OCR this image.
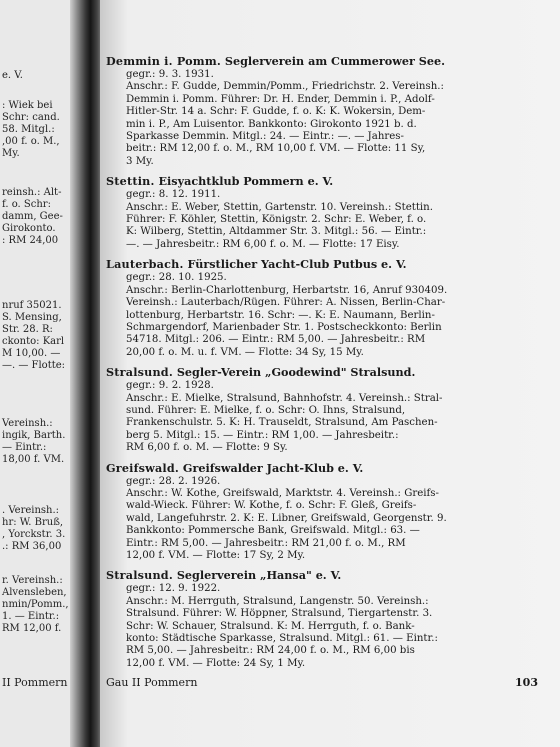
e. V.
: Wiek bei
Schr: cand.
58. Mitgl.:
,00 f. o. M.,
My.
reinsh.: Alt-
f. o. Schr:
damm, Gee-
Girokonto.
: RM 24,00
nruf 35021.
S. Mensing,
Str. 28. R:
ckonto: Karl
M 10,00. —
—. — Flotte:
Vereinsh.:
ingik, Barth.
— Eintr.:
18,00 f. VM.
. Vereinsh.:
hr: W. Bruß,
, Yorckstr. 3.
.: RM 36,00
r. Vereinsh.:
Alvensleben,
nmin/Pomm.,
1. — Eintr.:
RM 12,00 f.
II Pommern
Demmin i. Pomm. Seglerverein am Cummerower See.
gegr.: 9. 3. 1931.
Anschr.: F. Gudde, Demmin/Pomm., Friedrichstr. 2. Vereinsh.:
Demmin i. Pomm. Führer: Dr. H. Ender, Demmin i. P., Adolf-
Hitler-Str. 14 a. Schr: F. Gudde, f. o. K: K. Wokersin, Dem-
min i. P., Am Luisentor. Bankkonto: Girokonto 1921 b. d.
Sparkasse Demmin. Mitgl.: 24. — Eintr.: —. — Jahres-
beitr.: RM 12,00 f. o. M., RM 10,00 f. VM. — Flotte: 11 Sy,
3 My.
Stettin. Eisyachtklub Pommern e. V.
gegr.: 8. 12. 1911.
Anschr.: E. Weber, Stettin, Gartenstr. 10. Vereinsh.: Stettin.
Führer: F. Köhler, Stettin, Königstr. 2. Schr: E. Weber, f. o.
K: Wilberg, Stettin, Altdammer Str. 3. Mitgl.: 56. — Eintr.:
—. — Jahresbeitr.: RM 6,00 f. o. M. — Flotte: 17 Eisy.
Lauterbach. Fürstlicher Yacht-Club Putbus e. V.
gegr.: 28. 10. 1925.
Anschr.: Berlin-Charlottenburg, Herbartstr. 16, Anruf 930409.
Vereinsh.: Lauterbach/Rügen. Führer: A. Nissen, Berlin-Char-
lottenburg, Herbartstr. 16. Schr: —. K: E. Naumann, Berlin-
Schmargendorf, Marienbader Str. 1. Postscheckkonto: Berlin
54718. Mitgl.: 206. — Eintr.: RM 5,00. — Jahresbeitr.: RM
20,00 f. o. M. u. f. VM. — Flotte: 34 Sy, 15 My.
Stralsund. Segler-Verein „Goodewind" Stralsund.
gegr.: 9. 2. 1928.
Anschr.: E. Mielke, Stralsund, Bahnhofstr. 4. Vereinsh.: Stral-
sund. Führer: E. Mielke, f. o. Schr: O. Ihns, Stralsund,
Frankenschulstr. 5. K: H. Trauseldt, Stralsund, Am Paschen-
berg 5. Mitgl.: 15. — Eintr.: RM 1,00. — Jahresbeitr.:
RM 6,00 f. o. M. — Flotte: 9 Sy.
Greifswald. Greifswalder Jacht-Klub e. V.
gegr.: 28. 2. 1926.
Anschr.: W. Kothe, Greifswald, Marktstr. 4. Vereinsh.: Greifs-
wald-Wieck. Führer: W. Kothe, f. o. Schr: F. Gleß, Greifs-
wald, Langefuhrstr. 2. K: E. Libner, Greifswald, Georgenstr. 9.
Bankkonto: Pommersche Bank, Greifswald. Mitgl.: 63. —
Eintr.: RM 5,00. — Jahresbeitr.: RM 21,00 f. o. M., RM
12,00 f. VM. — Flotte: 17 Sy, 2 My.
Stralsund. Seglerverein „Hansa" e. V.
gegr.: 12. 9. 1922.
Anschr.: M. Herrguth, Stralsund, Langenstr. 50. Vereinsh.:
Stralsund. Führer: W. Höppner, Stralsund, Tiergartenstr. 3.
Schr: W. Schauer, Stralsund. K: M. Herrguth, f. o. Bank-
konto: Städtische Sparkasse, Stralsund. Mitgl.: 61. — Eintr.:
RM 5,00. — Jahresbeitr.: RM 24,00 f. o. M., RM 6,00 bis
12,00 f. VM. — Flotte: 24 Sy, 1 My.
Gau II Pommern	103
